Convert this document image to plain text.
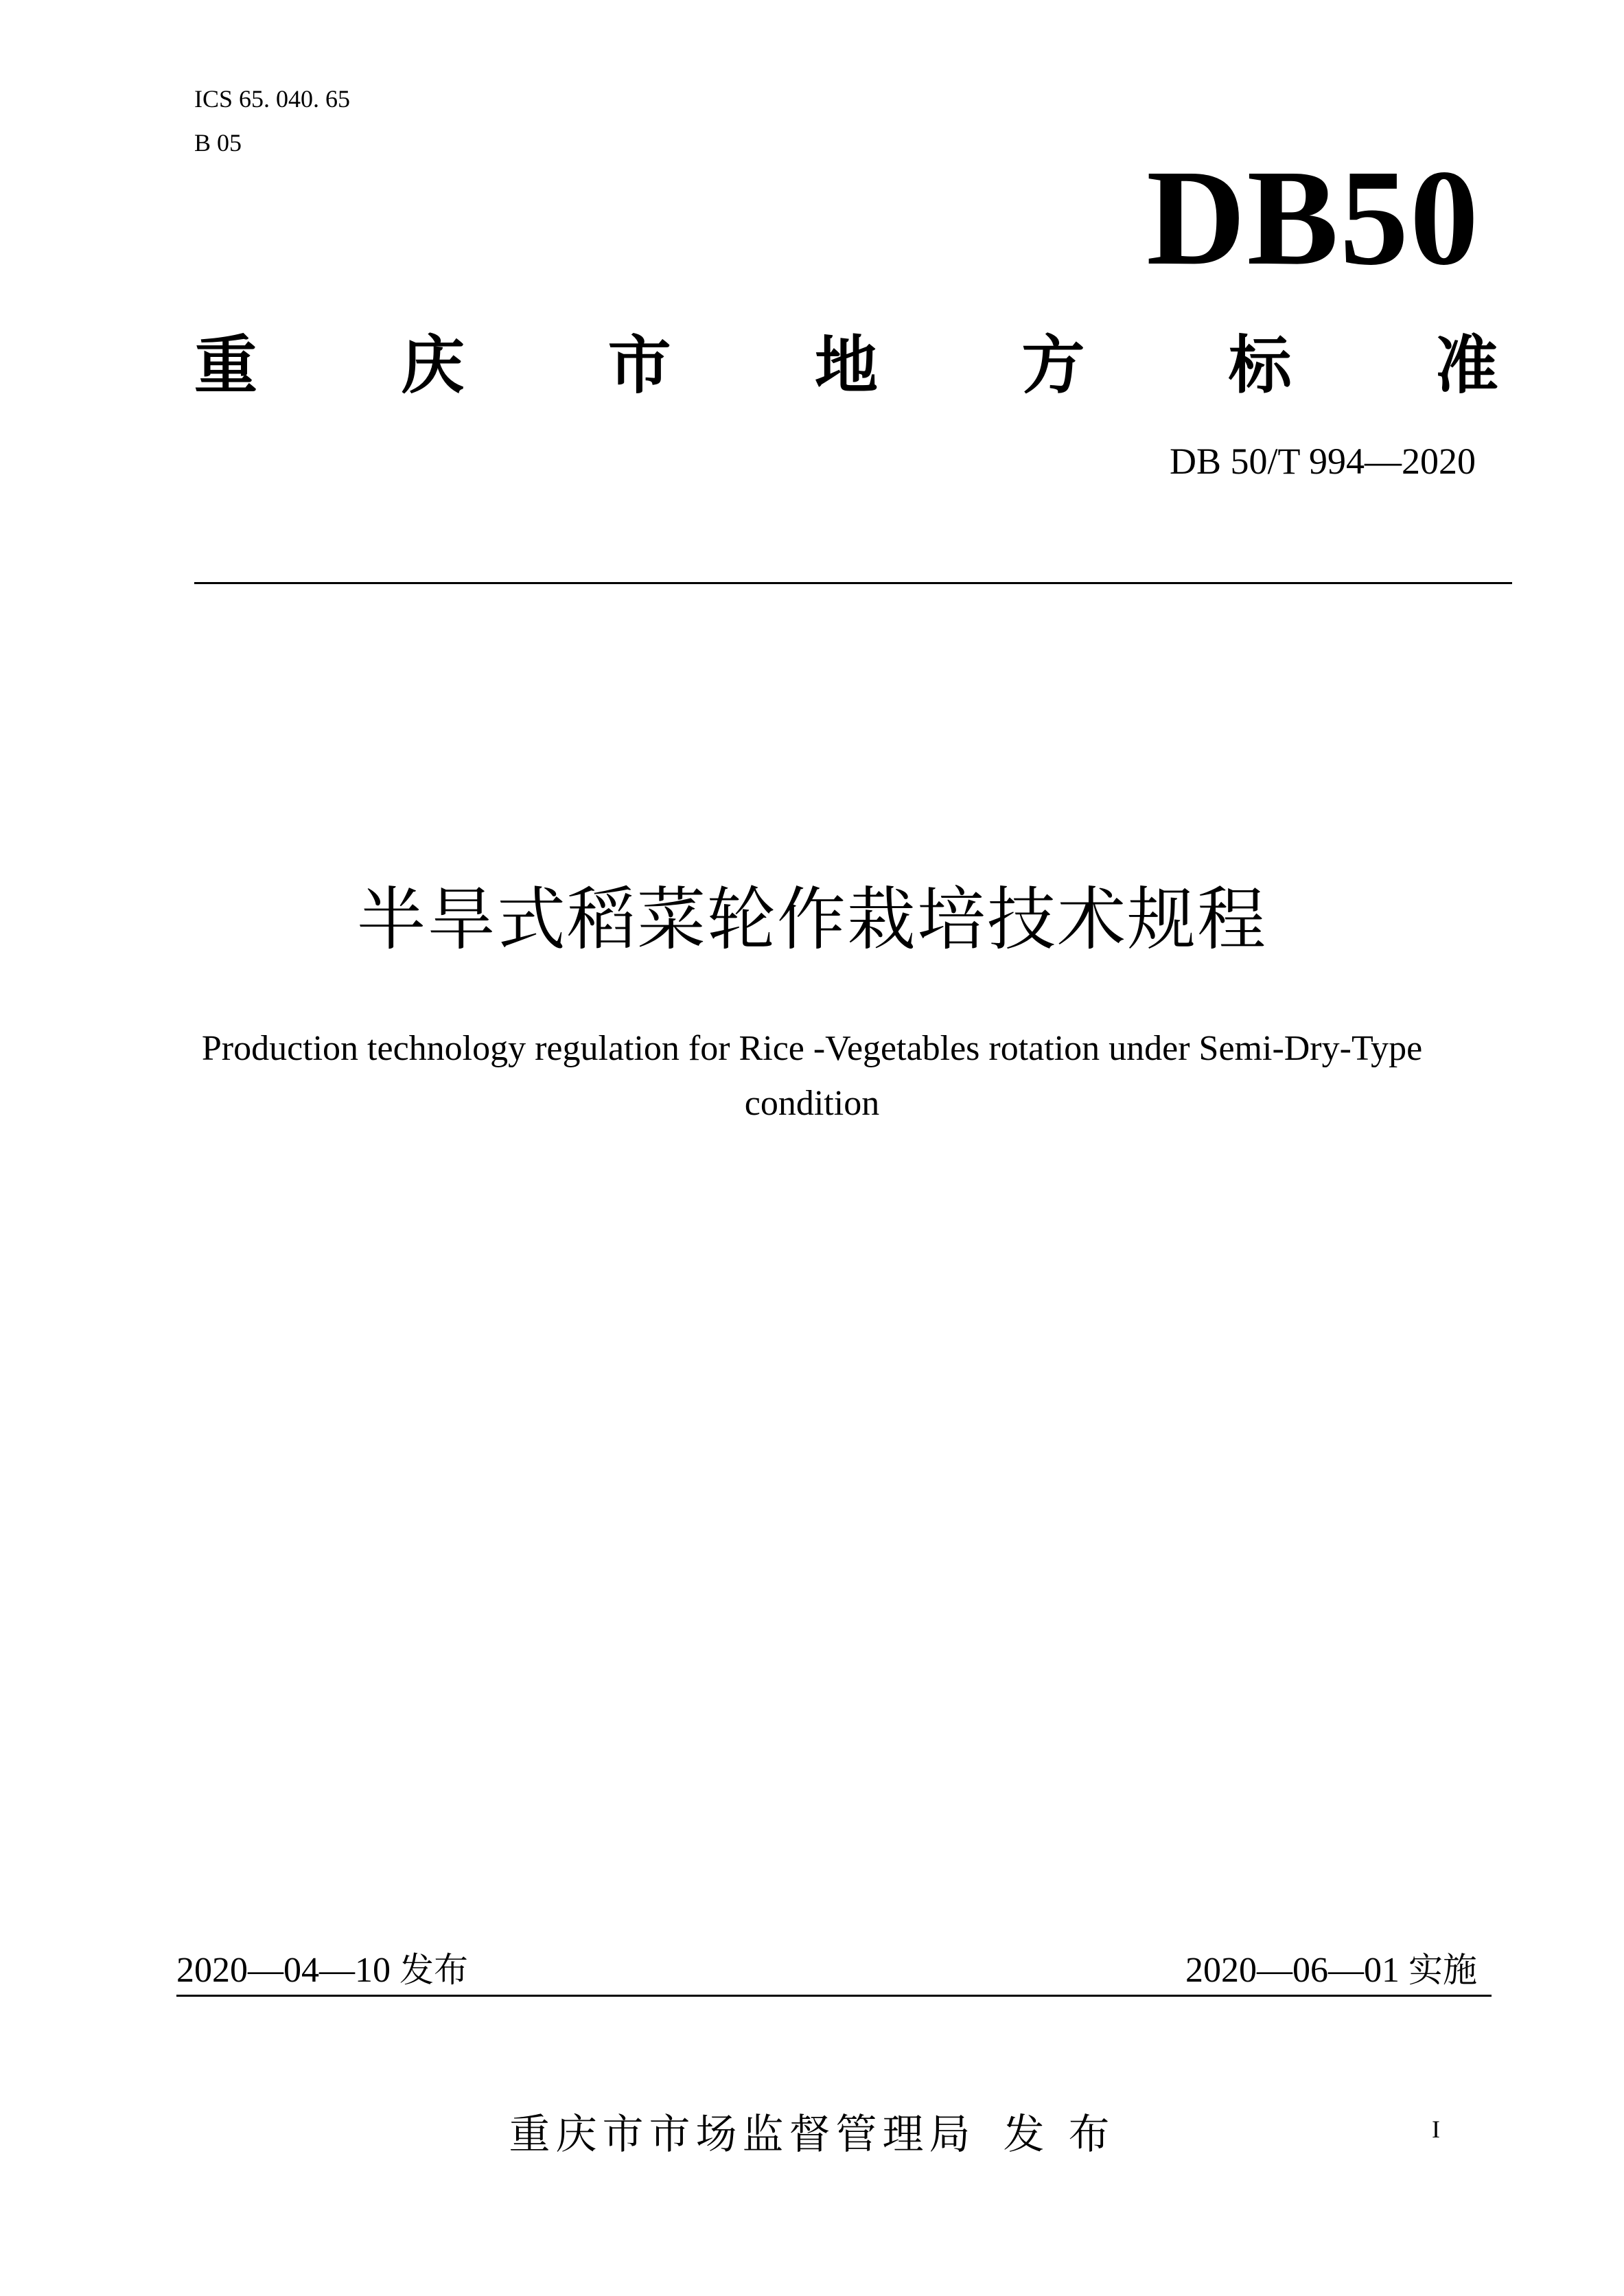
ICS 65. 040. 65
B 05	DB50
重 庆 市 地 方 标 准
DB 50/T 994—2020
半旱式稻菜轮作栽培技术规程
Production technology regulation for Rice -Vegetables rotation under Semi-Dry-Type
condition
2020—04—10 发布	2020—06—01 实施
重庆市市场监督管理局 发 布	I
